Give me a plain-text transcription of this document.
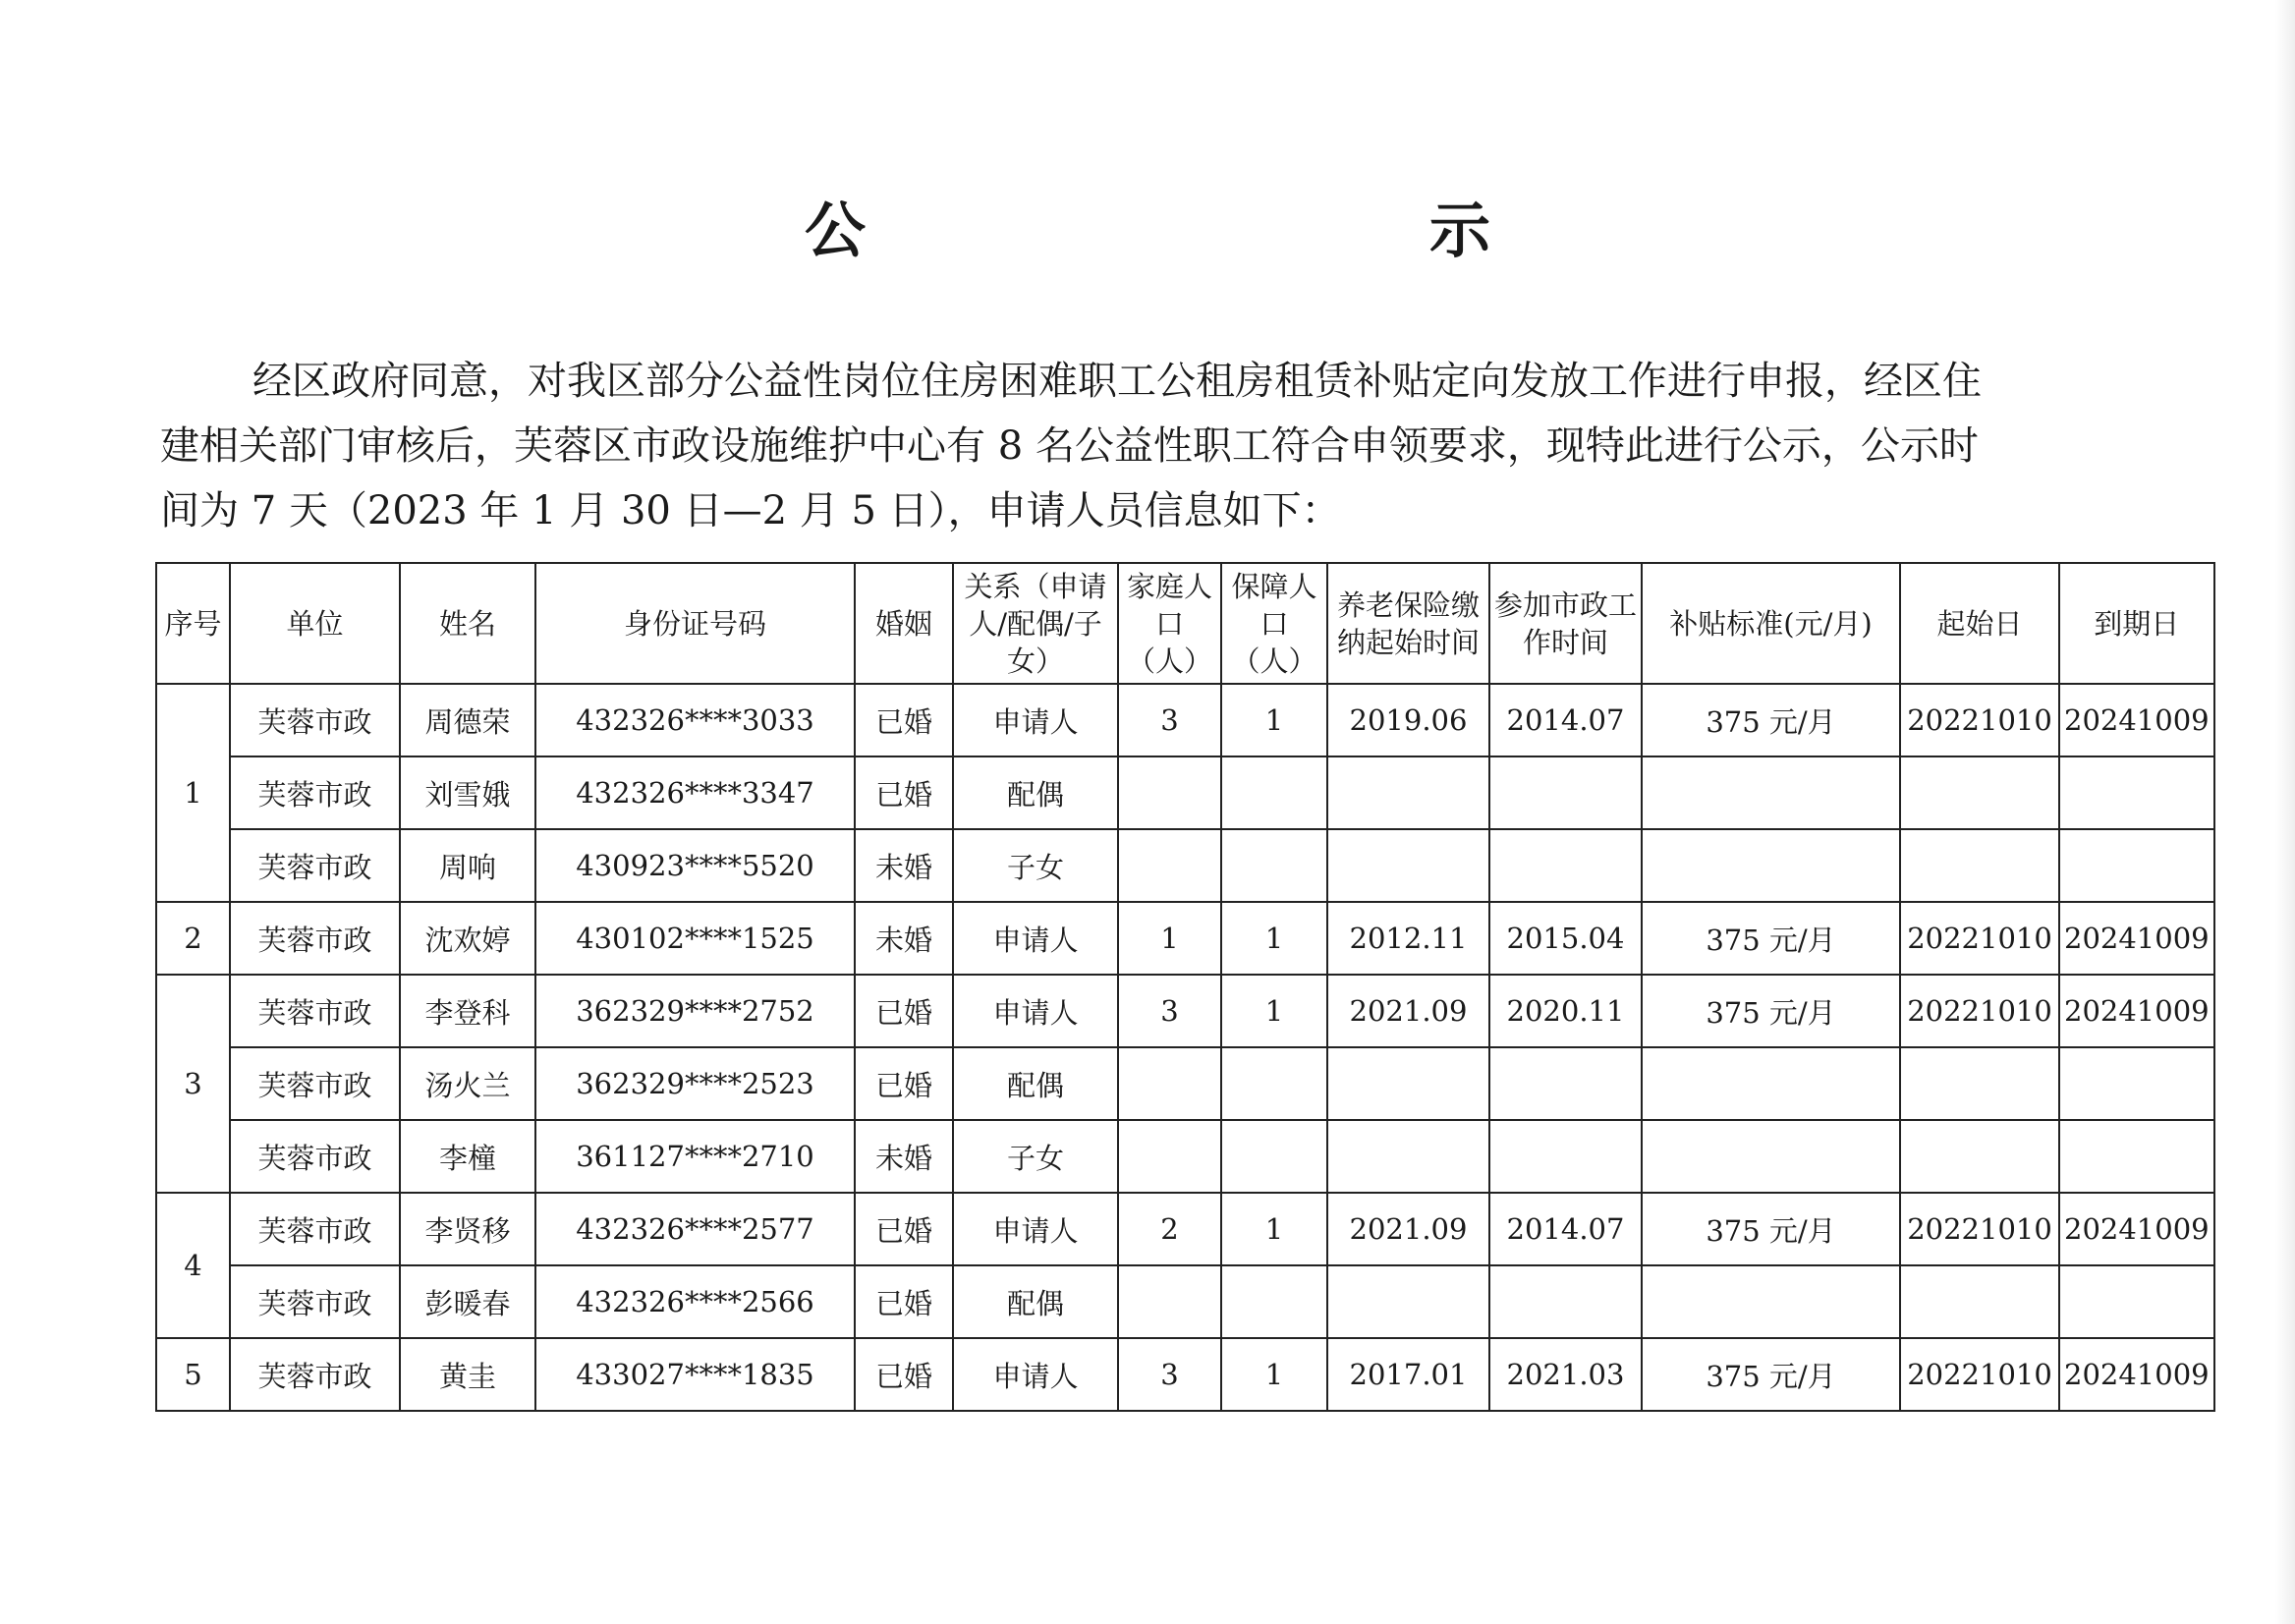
公　　示
经区政府同意，对我区部分公益性岗位住房困难职工公租房租赁补贴定向发放工作进行申报，经区住
建相关部门审核后，芙蓉区市政设施维护中心有 8 名公益性职工符合申领要求，现特此进行公示，公示时
间为 7 天（2023 年 1 月 30 日—2 月 5 日），申请人员信息如下：
序号	单位	姓名	身份证号码	婚姻	关系（申请人/配偶/子女）	家庭人口（人）	保障人口（人）	养老保险缴纳起始时间	参加市政工作时间	补贴标准(元/月)	起始日	到期日
1	芙蓉市政	周德荣	432326****3033	已婚	申请人	3	1	2019.06	2014.07	375 元/月	20221010	20241009
	芙蓉市政	刘雪娥	432326****3347	已婚	配偶							
	芙蓉市政	周响	430923****5520	未婚	子女							
2	芙蓉市政	沈欢婷	430102****1525	未婚	申请人	1	1	2012.11	2015.04	375 元/月	20221010	20241009
3	芙蓉市政	李登科	362329****2752	已婚	申请人	3	1	2021.09	2020.11	375 元/月	20221010	20241009
	芙蓉市政	汤火兰	362329****2523	已婚	配偶							
	芙蓉市政	李橦	361127****2710	未婚	子女							
4	芙蓉市政	李贤移	432326****2577	已婚	申请人	2	1	2021.09	2014.07	375 元/月	20221010	20241009
	芙蓉市政	彭暖春	432326****2566	已婚	配偶							
5	芙蓉市政	黄圭	433027****1835	已婚	申请人	3	1	2017.01	2021.03	375 元/月	20221010	20241009
